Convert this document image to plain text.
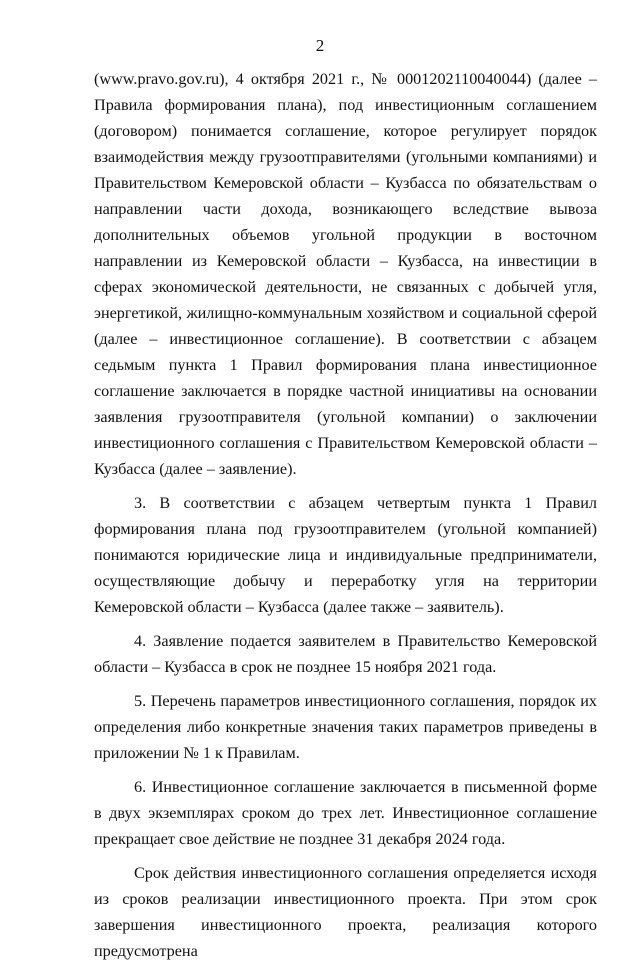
2

(www.pravo.gov.ru), 4 октября 2021 г., № 0001202110040044) (далее – Правила формирования плана), под инвестиционным соглашением (договором) понимается соглашение, которое регулирует порядок взаимодействия между грузоотправителями (угольными компаниями) и Правительством Кемеровской области – Кузбасса по обязательствам о направлении части дохода, возникающего вследствие вывоза дополнительных объемов угольной продукции в восточном направлении из Кемеровской области – Кузбасса, на инвестиции в сферах экономической деятельности, не связанных с добычей угля, энергетикой, жилищно-коммунальным хозяйством и социальной сферой (далее – инвестиционное соглашение). В соответствии с абзацем седьмым пункта 1 Правил формирования плана инвестиционное соглашение заключается в порядке частной инициативы на основании заявления грузоотправителя (угольной компании) о заключении инвестиционного соглашения с Правительством Кемеровской области – Кузбасса (далее – заявление).

3. В соответствии с абзацем четвертым пункта 1 Правил формирования плана под грузоотправителем (угольной компанией) понимаются юридические лица и индивидуальные предприниматели, осуществляющие добычу и переработку угля на территории Кемеровской области – Кузбасса (далее также – заявитель).

4. Заявление подается заявителем в Правительство Кемеровской области – Кузбасса в срок не позднее 15 ноября 2021 года.

5. Перечень параметров инвестиционного соглашения, порядок их определения либо конкретные значения таких параметров приведены в приложении № 1 к Правилам.

6. Инвестиционное соглашение заключается в письменной форме в двух экземплярах сроком до трех лет. Инвестиционное соглашение прекращает свое действие не позднее 31 декабря 2024 года.

Срок действия инвестиционного соглашения определяется исходя из сроков реализации инвестиционного проекта. При этом срок завершения инвестиционного проекта, реализация которого предусмотрена
